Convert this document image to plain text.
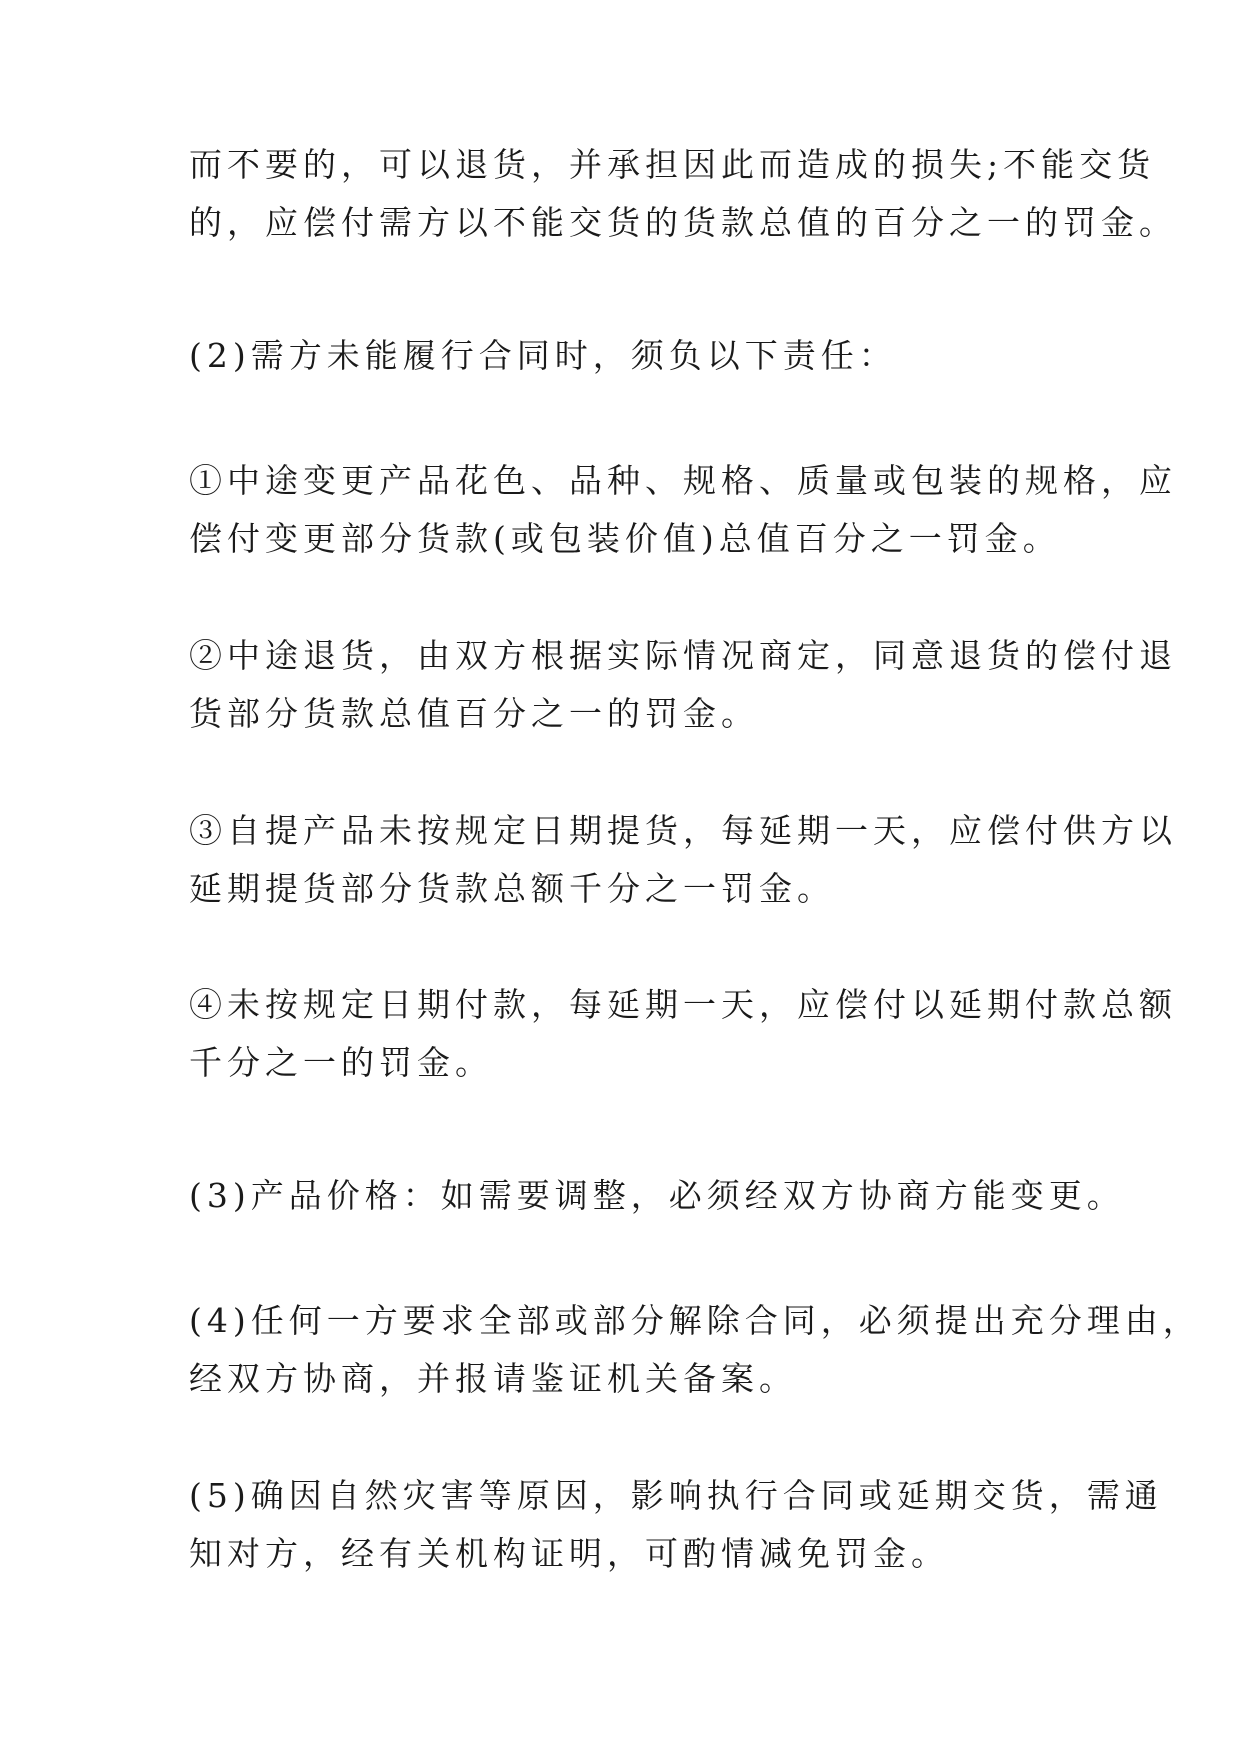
而不要的，可以退货，并承担因此而造成的损失;不能交货
的，应偿付需方以不能交货的货款总值的百分之一的罚金。
(2)需方未能履行合同时，须负以下责任：
①中途变更产品花色、品种、规格、质量或包装的规格，应
偿付变更部分货款(或包装价值)总值百分之一罚金。
②中途退货，由双方根据实际情况商定，同意退货的偿付退
货部分货款总值百分之一的罚金。
③自提产品未按规定日期提货，每延期一天，应偿付供方以
延期提货部分货款总额千分之一罚金。
④未按规定日期付款，每延期一天，应偿付以延期付款总额
千分之一的罚金。
(3)产品价格：如需要调整，必须经双方协商方能变更。
(4)任何一方要求全部或部分解除合同，必须提出充分理由，
经双方协商，并报请鉴证机关备案。
(5)确因自然灾害等原因，影响执行合同或延期交货，需通
知对方，经有关机构证明，可酌情减免罚金。
